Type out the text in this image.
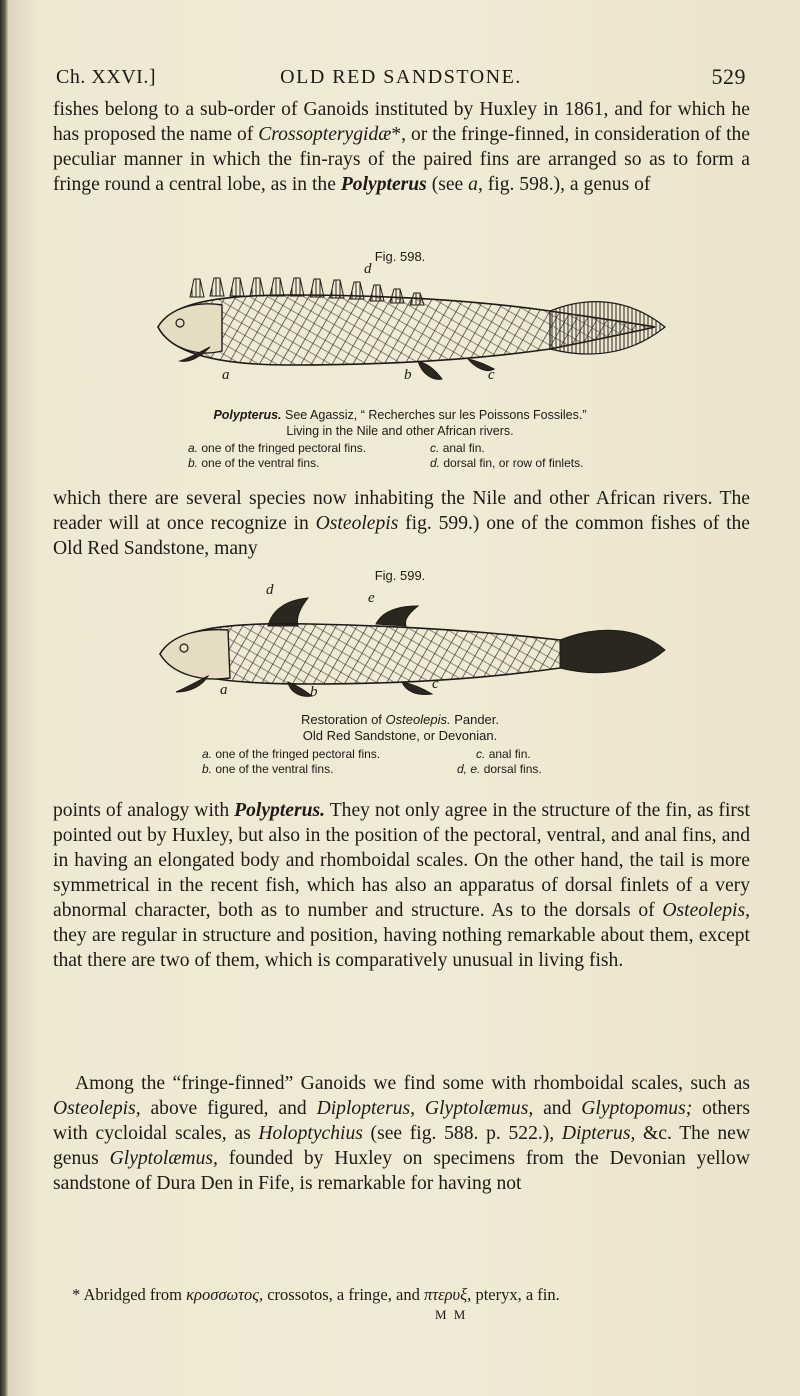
Ch. XXVI.]	OLD RED SANDSTONE.	529

fishes belong to a sub-order of Ganoids instituted by Huxley in 1861, and for which he has proposed the name of Crossopterygidæ*, or the fringe-finned, in consideration of the peculiar manner in which the fin-rays of the paired fins are arranged so as to form a fringe round a central lobe, as in the Polypterus (see a, fig. 598.), a genus of

Fig. 598.
d
a	b	c
Polypterus. See Agassiz, “ Recherches sur les Poissons Fossiles.”
Living in the Nile and other African rivers.
a. one of the fringed pectoral fins.
b. one of the ventral fins.
c. anal fin.
d. dorsal fin, or row of finlets.

which there are several species now inhabiting the Nile and other African rivers. The reader will at once recognize in Osteolepis fig. 599.) one of the common fishes of the Old Red Sandstone, many

Fig. 599.
d	e
a	b	c
Restoration of Osteolepis. Pander.
Old Red Sandstone, or Devonian.
a. one of the fringed pectoral fins.
b. one of the ventral fins.
c. anal fin.
d, e. dorsal fins.

points of analogy with Polypterus. They not only agree in the structure of the fin, as first pointed out by Huxley, but also in the position of the pectoral, ventral, and anal fins, and in having an elongated body and rhomboidal scales. On the other hand, the tail is more symmetrical in the recent fish, which has also an apparatus of dorsal finlets of a very abnormal character, both as to number and structure. As to the dorsals of Osteolepis, they are regular in structure and position, having nothing remarkable about them, except that there are two of them, which is comparatively unusual in living fish.

Among the “fringe-finned” Ganoids we find some with rhomboidal scales, such as Osteolepis, above figured, and Diplopterus, Glyptolæmus, and Glyptopomus; others with cycloidal scales, as Holoptychius (see fig. 588. p. 522.), Dipterus, &c. The new genus Glyptolæmus, founded by Huxley on specimens from the Devonian yellow sandstone of Dura Den in Fife, is remarkable for having not

* Abridged from κροσσωτος, crossotos, a fringe, and πτερυξ, pteryx, a fin.
M M
